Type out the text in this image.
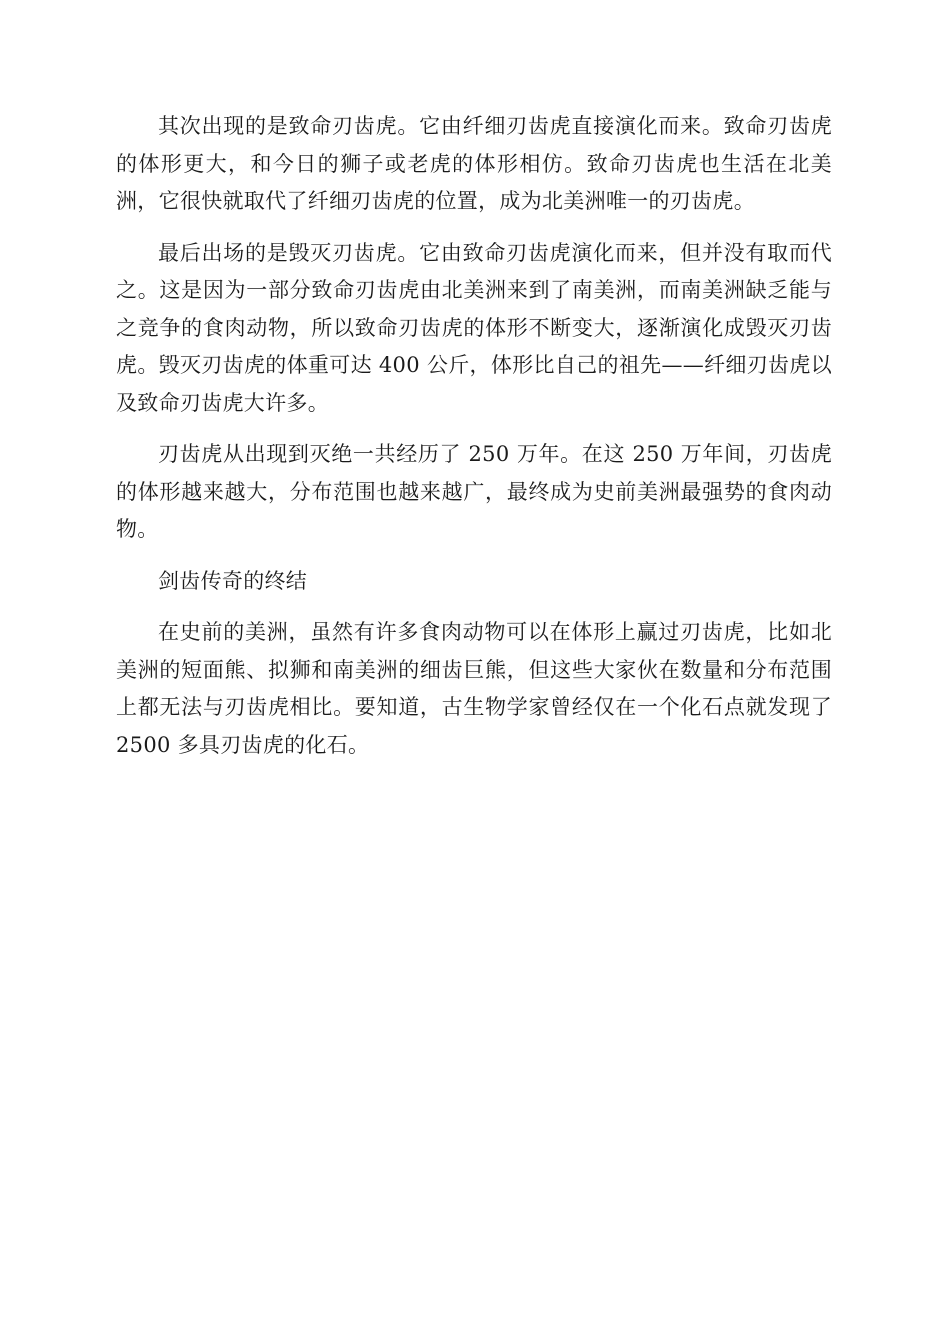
其次出现的是致命刃齿虎。它由纤细刃齿虎直接演化而来。致命刃齿虎的体形更大，和今日的狮子或老虎的体形相仿。致命刃齿虎也生活在北美洲，它很快就取代了纤细刃齿虎的位置，成为北美洲唯一的刃齿虎。

最后出场的是毁灭刃齿虎。它由致命刃齿虎演化而来，但并没有取而代之。这是因为一部分致命刃齿虎由北美洲来到了南美洲，而南美洲缺乏能与之竞争的食肉动物，所以致命刃齿虎的体形不断变大，逐渐演化成毁灭刃齿虎。毁灭刃齿虎的体重可达 400 公斤，体形比自己的祖先——纤细刃齿虎以及致命刃齿虎大许多。

刃齿虎从出现到灭绝一共经历了 250 万年。在这 250 万年间，刃齿虎的体形越来越大，分布范围也越来越广，最终成为史前美洲最强势的食肉动物。

剑齿传奇的终结

在史前的美洲，虽然有许多食肉动物可以在体形上赢过刃齿虎，比如北美洲的短面熊、拟狮和南美洲的细齿巨熊，但这些大家伙在数量和分布范围上都无法与刃齿虎相比。要知道，古生物学家曾经仅在一个化石点就发现了 2500 多具刃齿虎的化石。
